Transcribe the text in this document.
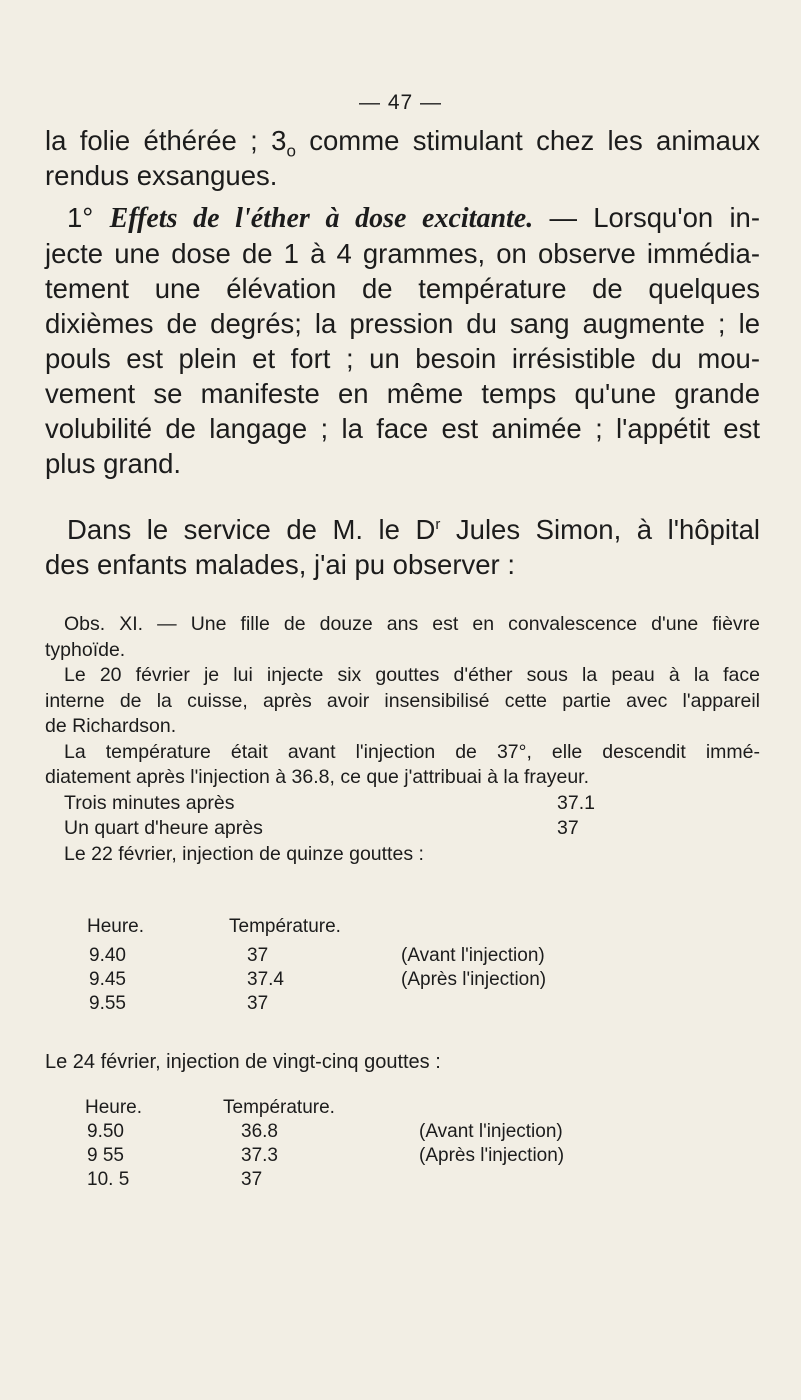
— 47 —

la folie éthérée ; $3_o$ comme stimulant chez les animaux

rendus exsangues.

1° Effets de l'éther à dose excitante. — Lorsqu'on in-

jecte une dose de 1 à 4 grammes, on observe immédia-

tement une élévation de température de quelques

dixièmes de degrés; la pression du sang augmente ; le

pouls est plein et fort ; un besoin irrésistible du mou-

vement se manifeste en même temps qu'une grande

volubilité de langage ; la face est animée ; l'appétit est

plus grand.

Dans le service de M. le $D^r$ Jules Simon, à l'hôpital

des enfants malades, j'ai pu observer :

Obs. XI. — Une fille de douze ans est en convalescence d'une fièvre

typhoïde.

Le 20 février je lui injecte six gouttes d'éther sous la peau à la face

interne de la cuisse, après avoir insensibilisé cette partie avec l'appareil

de Richardson.

La température était avant l'injection de 37°, elle descendit immé-

diatement après l'injection à 36.8, ce que j'attribuai à la frayeur.

Trois minutes après	37.1
Un quart d'heure après	37

Le 22 février, injection de quinze gouttes :

Heure.	Température.
9.40	37	(Avant l'injection)
9.45	37.4	(Après l'injection)
9.55	37

Le 24 février, injection de vingt-cinq gouttes :

Heure.	Température.
9.50	36.8	(Avant l'injection)
9 55	37.3	(Après l'injection)
10. 5	37
